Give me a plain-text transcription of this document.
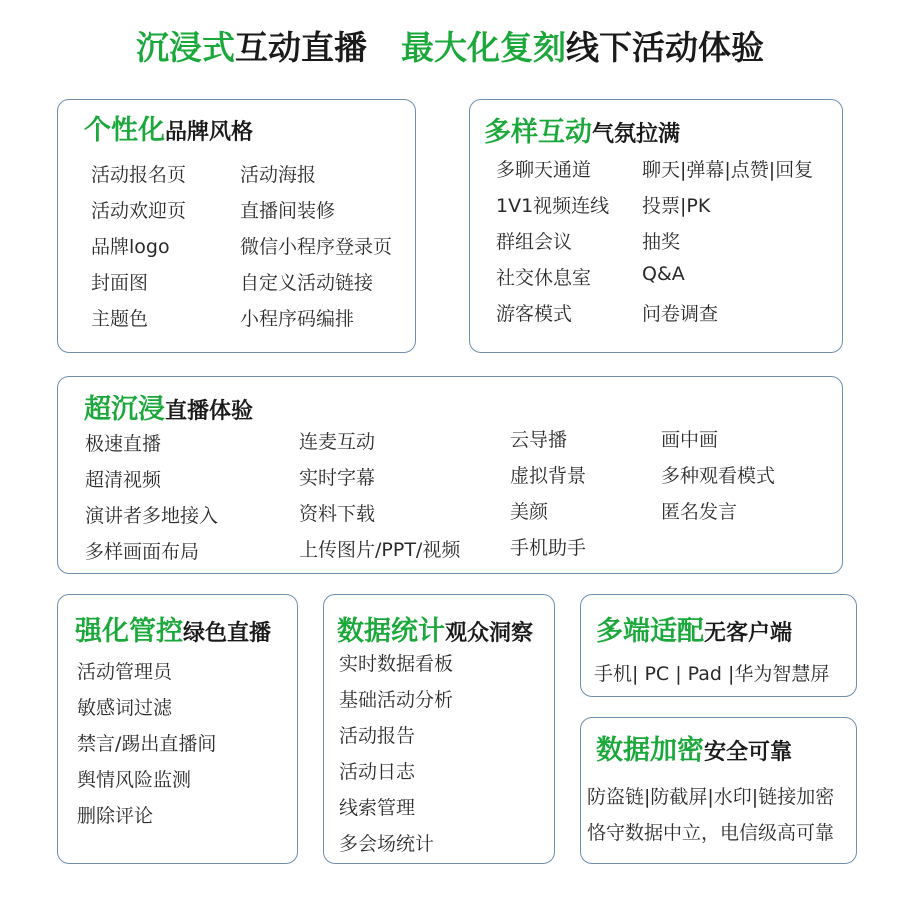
沉浸式互动直播 最大化复刻线下活动体验
个性化品牌风格
活动报名页
活动欢迎页
品牌logo
封面图
主题色
活动海报
直播间装修
微信小程序登录页
自定义活动链接
小程序码编排
多样互动气氛拉满
多聊天通道
1V1视频连线
群组会议
社交休息室
游客模式
聊天|弹幕|点赞|回复
投票|PK
抽奖
Q&A
问卷调查
超沉浸直播体验
极速直播
超清视频
演讲者多地接入
多样画面布局
连麦互动
实时字幕
资料下载
上传图片/PPT/视频
云导播
虚拟背景
美颜
手机助手
画中画
多种观看模式
匿名发言
强化管控绿色直播
活动管理员
敏感词过滤
禁言/踢出直播间
舆情风险监测
删除评论
数据统计观众洞察
实时数据看板
基础活动分析
活动报告
活动日志
线索管理
多会场统计
多端适配无客户端
手机| PC | Pad |华为智慧屏
数据加密安全可靠
防盗链|防截屏|水印|链接加密
恪守数据中立，电信级高可靠
